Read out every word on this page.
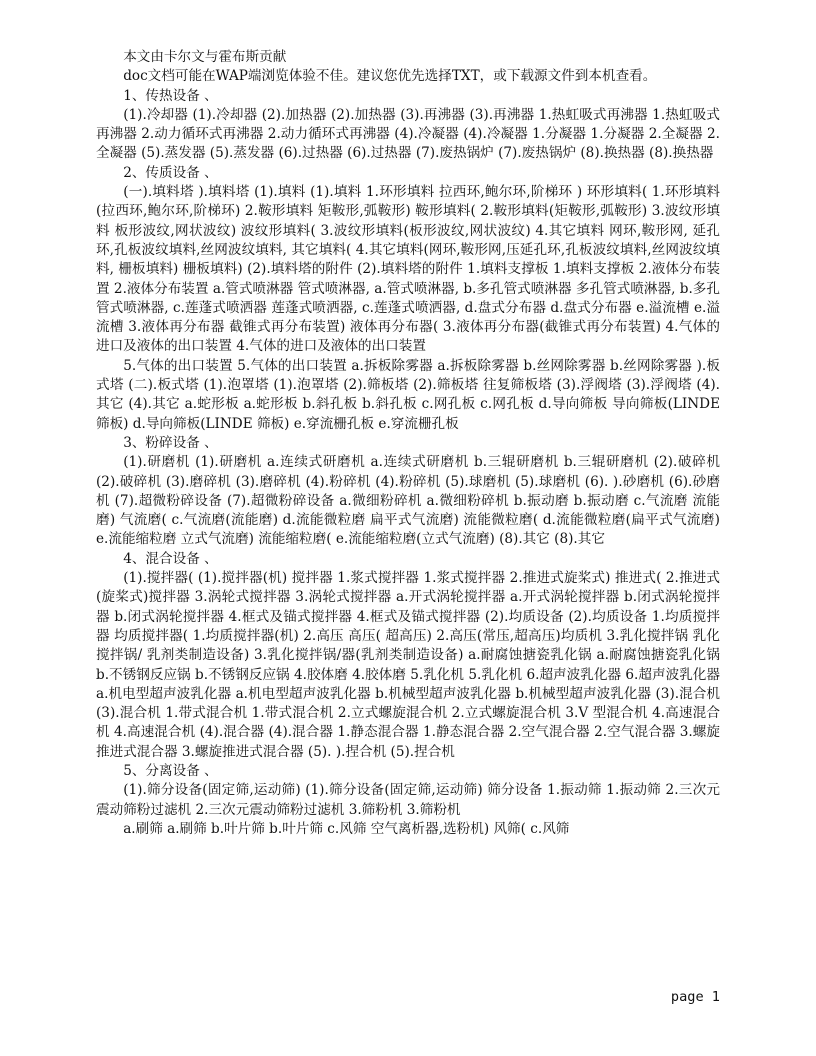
本文由卡尔文与霍布斯贡献

doc文档可能在WAP端浏览体验不佳。建议您优先选择TXT，或下载源文件到本机查看。

1、传热设备 、

(1).冷却器 (1).冷却器 (2).加热器 (2).加热器 (3).再沸器 (3).再沸器 1.热虹吸式再沸器 1.热虹吸式再沸器 2.动力循环式再沸器 2.动力循环式再沸器 (4).冷凝器 (4).冷凝器 1.分凝器 1.分凝器 2.全凝器 2.全凝器 (5).蒸发器 (5).蒸发器 (6).过热器 (6).过热器 (7).废热锅炉 (7).废热锅炉 (8).换热器 (8).换热器

2、传质设备 、

(一).填料塔 ).填料塔 (1).填料 (1).填料 1.环形填料 拉西环,鲍尔环,阶梯环 ) 环形填料( 1.环形填料(拉西环,鲍尔环,阶梯环) 2.鞍形填料 矩鞍形,弧鞍形) 鞍形填料( 2.鞍形填料(矩鞍形,弧鞍形) 3.波纹形填料 板形波纹,网状波纹) 波纹形填料( 3.波纹形填料(板形波纹,网状波纹) 4.其它填料 网环,鞍形网, 延孔环,孔板波纹填料,丝网波纹填料, 其它填料( 4.其它填料(网环,鞍形网,压延孔环,孔板波纹填料,丝网波纹填料, 栅板填料) 栅板填料) (2).填料塔的附件 (2).填料塔的附件 1.填料支撑板 1.填料支撑板 2.液体分布装置 2.液体分布装置 a.管式喷淋器 管式喷淋器, a.管式喷淋器, b.多孔管式喷淋器 多孔管式喷淋器, b.多孔管式喷淋器, c.莲蓬式喷洒器 莲蓬式喷洒器, c.莲蓬式喷洒器, d.盘式分布器 d.盘式分布器 e.溢流槽 e.溢流槽 3.液体再分布器 截锥式再分布装置) 液体再分布器( 3.液体再分布器(截锥式再分布装置) 4.气体的进口及液体的出口装置 4.气体的进口及液体的出口装置

5.气体的出口装置 5.气体的出口装置 a.拆板除雾器 a.拆板除雾器 b.丝网除雾器 b.丝网除雾器 ).板式塔 (二).板式塔 (1).泡罩塔 (1).泡罩塔 (2).筛板塔 (2).筛板塔 往复筛板塔 (3).浮阀塔 (3).浮阀塔 (4).其它 (4).其它 a.蛇形板 a.蛇形板 b.斜孔板 b.斜孔板 c.网孔板 c.网孔板 d.导向筛板 导向筛板(LINDE 筛板) d.导向筛板(LINDE 筛板) e.穿流栅孔板 e.穿流栅孔板

3、粉碎设备 、

(1).研磨机 (1).研磨机 a.连续式研磨机 a.连续式研磨机 b.三辊研磨机 b.三辊研磨机 (2).破碎机 (2).破碎机 (3).磨碎机 (3).磨碎机 (4).粉碎机 (4).粉碎机 (5).球磨机 (5).球磨机 (6). ).砂磨机 (6).砂磨机 (7).超微粉碎设备 (7).超微粉碎设备 a.微细粉碎机 a.微细粉碎机 b.振动磨 b.振动磨 c.气流磨 流能磨) 气流磨( c.气流磨(流能磨) d.流能微粒磨 扁平式气流磨) 流能微粒磨( d.流能微粒磨(扁平式气流磨) e.流能缩粒磨 立式气流磨) 流能缩粒磨( e.流能缩粒磨(立式气流磨) (8).其它 (8).其它

4、混合设备 、

(1).搅拌器( (1).搅拌器(机) 搅拌器 1.浆式搅拌器 1.浆式搅拌器 2.推进式旋桨式) 推进式( 2.推进式(旋桨式)搅拌器 3.涡轮式搅拌器 3.涡轮式搅拌器 a.开式涡轮搅拌器 a.开式涡轮搅拌器 b.闭式涡轮搅拌器 b.闭式涡轮搅拌器 4.框式及锚式搅拌器 4.框式及锚式搅拌器 (2).均质设备 (2).均质设备 1.均质搅拌器 均质搅拌器( 1.均质搅拌器(机) 2.高压 高压( 超高压) 2.高压(常压,超高压)均质机 3.乳化搅拌锅 乳化搅拌锅/ 乳剂类制造设备) 3.乳化搅拌锅/器(乳剂类制造设备) a.耐腐蚀搪瓷乳化锅 a.耐腐蚀搪瓷乳化锅 b.不锈钢反应锅 b.不锈钢反应锅 4.胶体磨 4.胶体磨 5.乳化机 5.乳化机 6.超声波乳化器 6.超声波乳化器 a.机电型超声波乳化器 a.机电型超声波乳化器 b.机械型超声波乳化器 b.机械型超声波乳化器 (3).混合机 (3).混合机 1.带式混合机 1.带式混合机 2.立式螺旋混合机 2.立式螺旋混合机 3.V 型混合机 4.高速混合机 4.高速混合机 (4).混合器 (4).混合器 1.静态混合器 1.静态混合器 2.空气混合器 2.空气混合器 3.螺旋推进式混合器 3.螺旋推进式混合器 (5). ).捏合机 (5).捏合机

5、分离设备 、

(1).筛分设备(固定筛,运动筛) (1).筛分设备(固定筛,运动筛) 筛分设备 1.振动筛 1.振动筛 2.三次元震动筛粉过滤机 2.三次元震动筛粉过滤机 3.筛粉机 3.筛粉机

a.刷筛 a.刷筛 b.叶片筛 b.叶片筛 c.风筛 空气离析器,选粉机) 风筛( c.风筛

page 1
